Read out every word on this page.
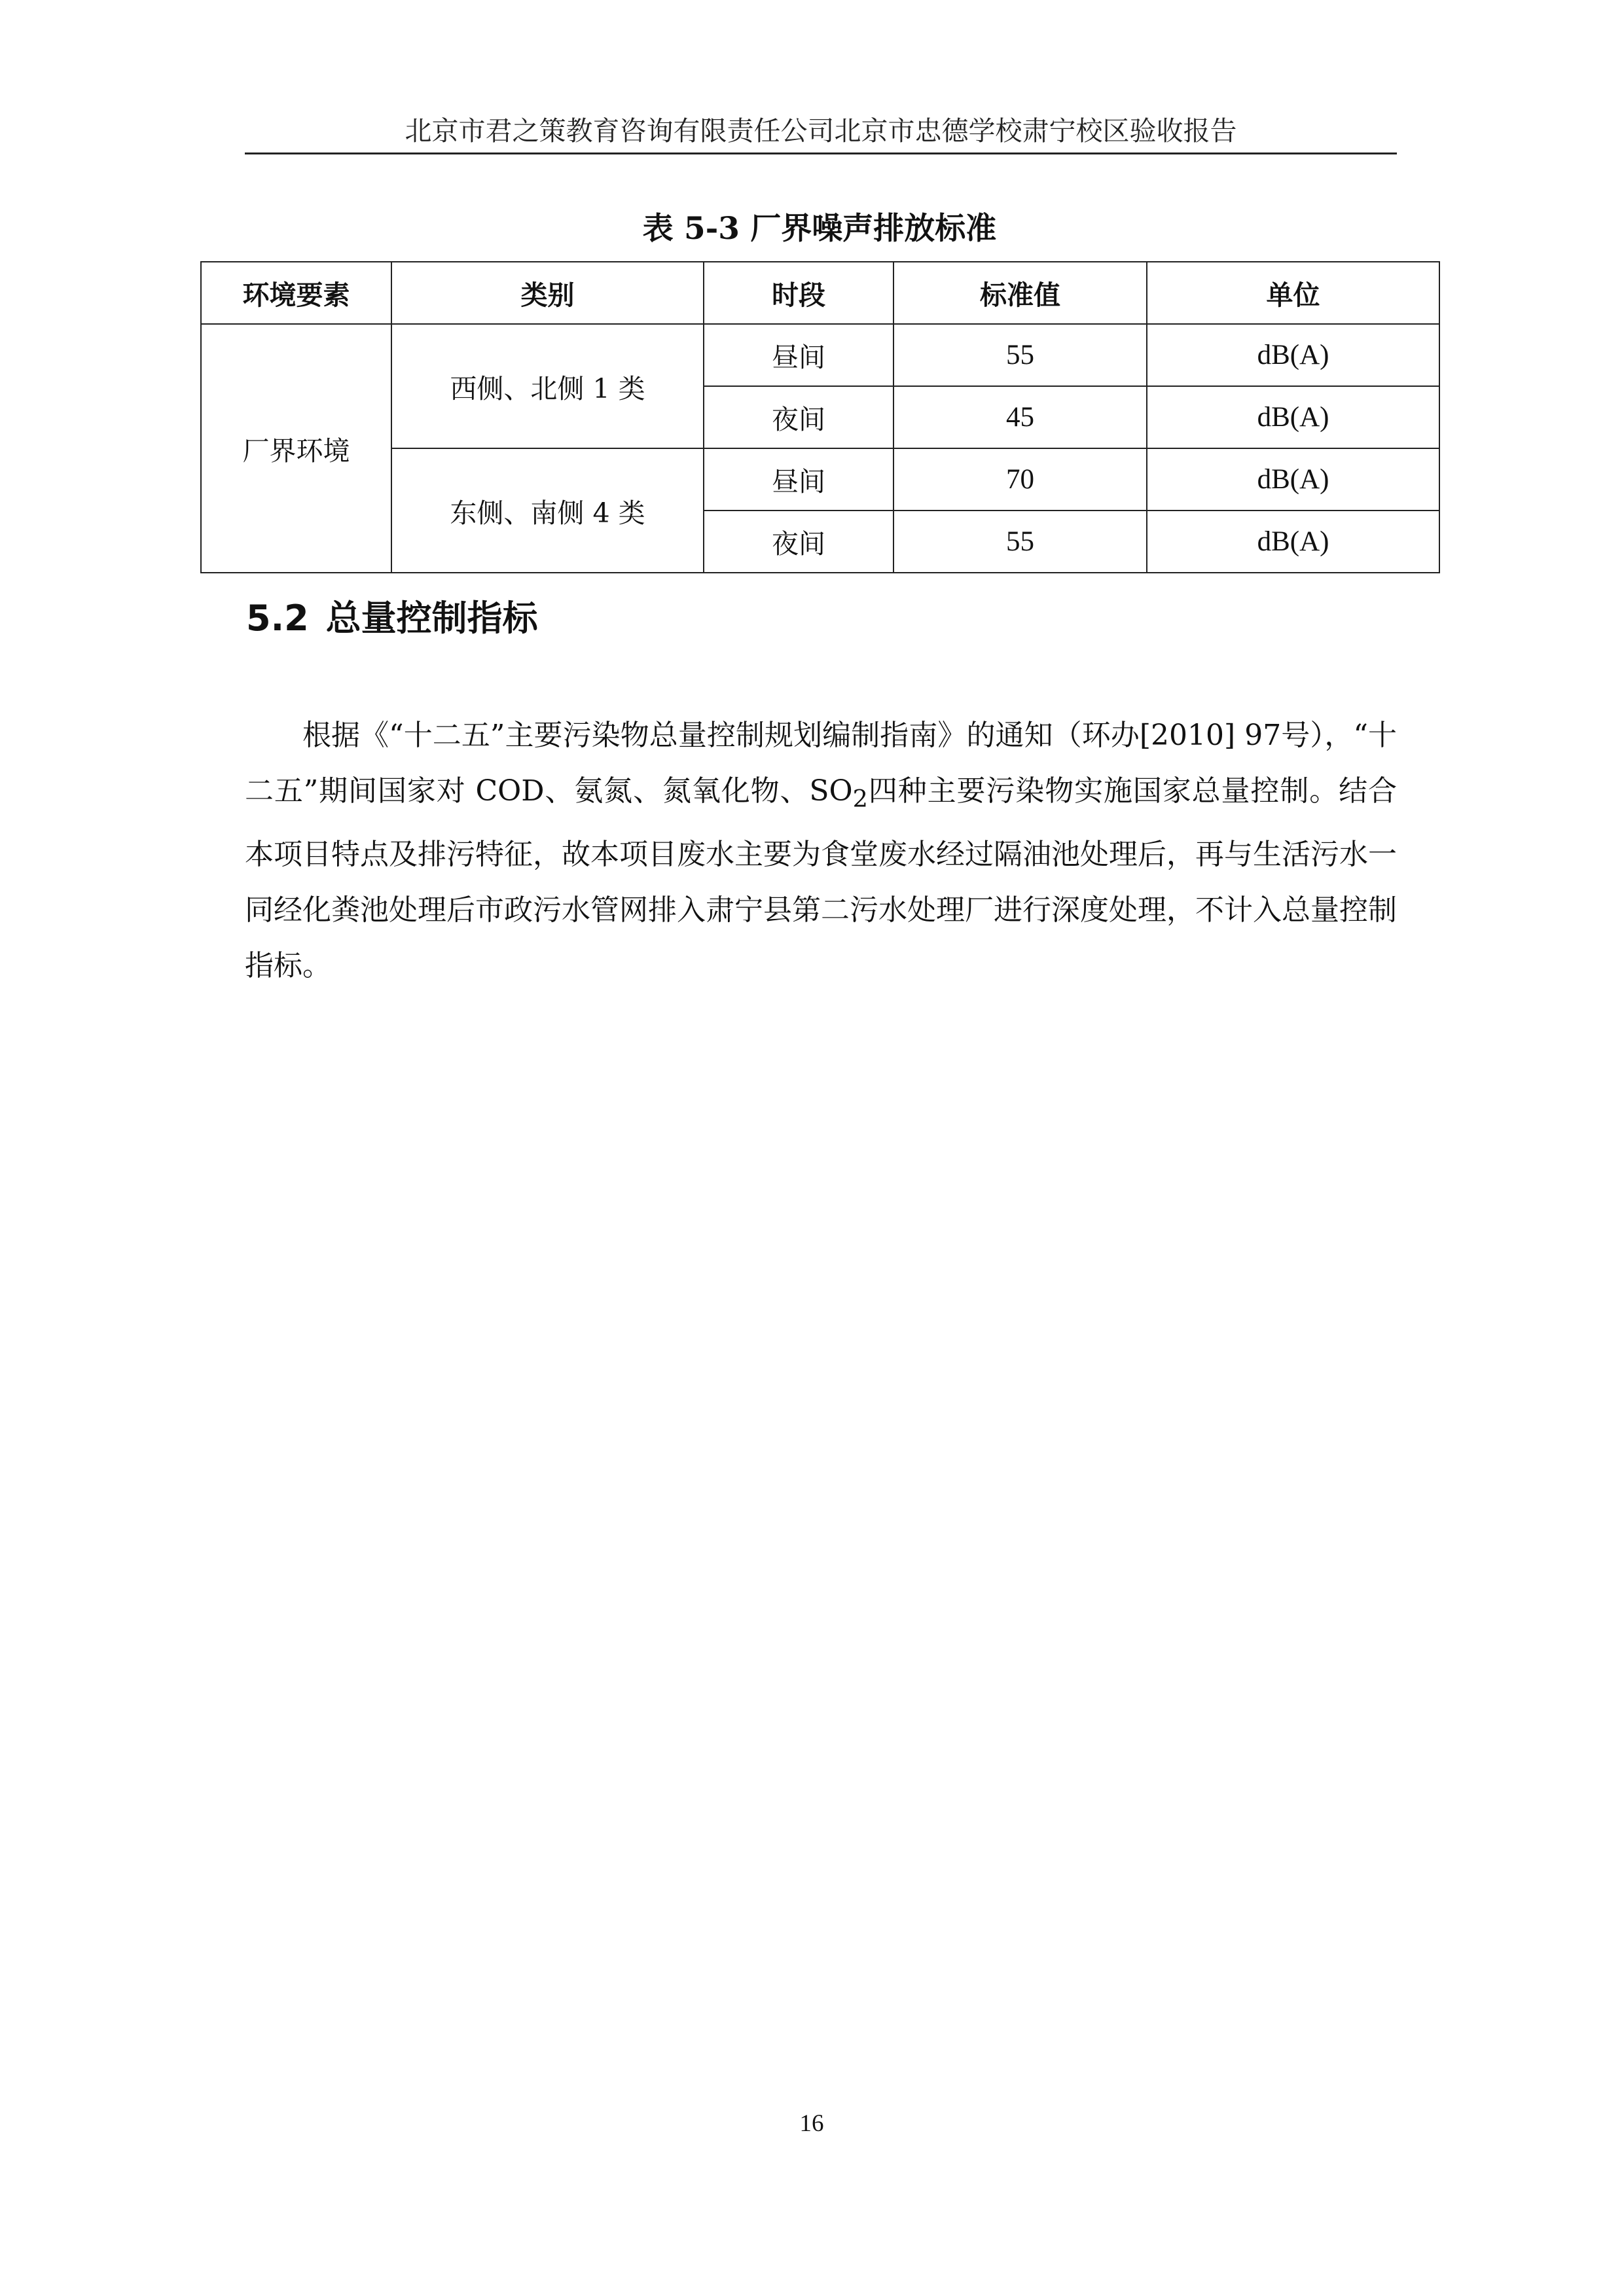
北京市君之策教育咨询有限责任公司北京市忠德学校肃宁校区验收报告
表 5-3 厂界噪声排放标准
环境要素	类别	时段	标准值	单位
厂界环境	西侧、北侧 1 类	昼间	55	dB(A)
		夜间	45	dB(A)
	东侧、南侧 4 类	昼间	70	dB(A)
		夜间	55	dB(A)
5.2 总量控制指标

根据《“十二五”主要污染物总量控制规划编制指南》的通知（环办[2010] 97号），“十二五”期间国家对 COD、氨氮、氮氧化物、$SO_2$四种主要污染物实施国家总量控制。结合本项目特点及排污特征，故本项目废水主要为食堂废水经过隔油池处理后，再与生活污水一同经化粪池处理后市政污水管网排入肃宁县第二污水处理厂进行深度处理，不计入总量控制指标。

16
